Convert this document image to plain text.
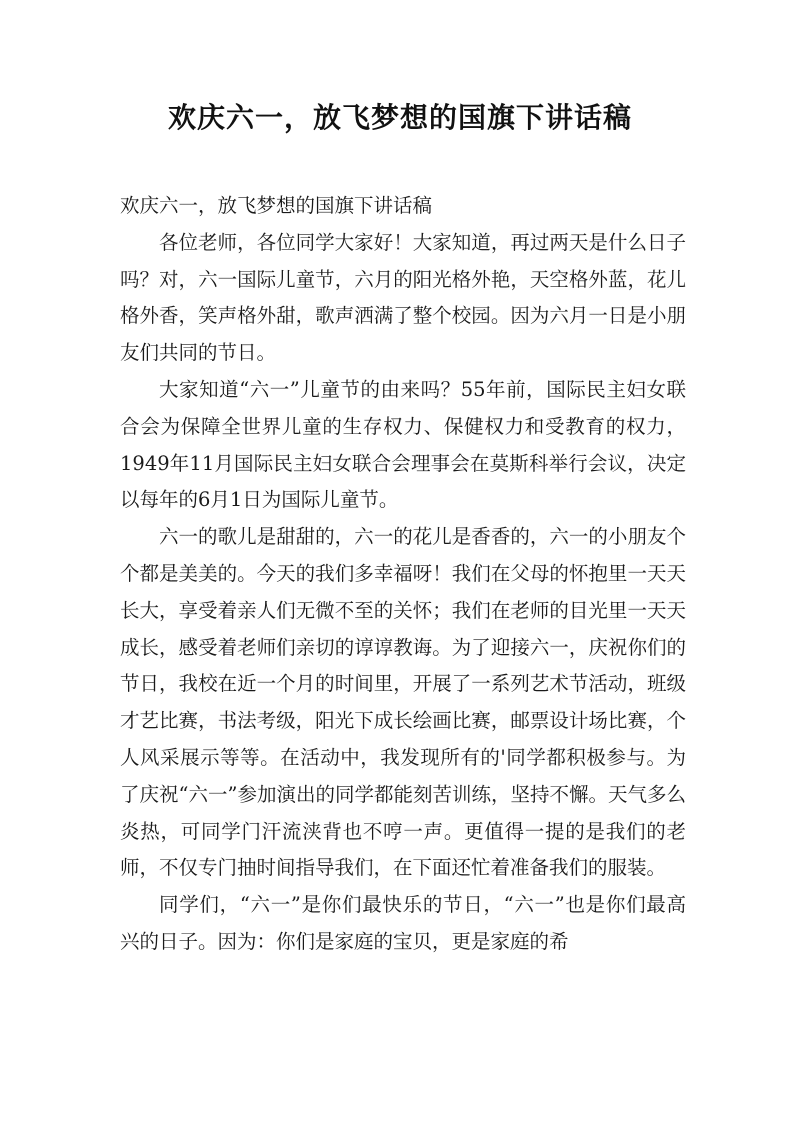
欢庆六一，放飞梦想的国旗下讲话稿

欢庆六一，放飞梦想的国旗下讲话稿

各位老师，各位同学大家好！大家知道，再过两天是什么日子吗？对，六一国际儿童节，六月的阳光格外艳，天空格外蓝，花儿格外香，笑声格外甜，歌声洒满了整个校园。因为六月一日是小朋友们共同的节日。

大家知道“六一”儿童节的由来吗？55年前，国际民主妇女联合会为保障全世界儿童的生存权力、保健权力和受教育的权力，1949年11月国际民主妇女联合会理事会在莫斯科举行会议，决定以每年的6月1日为国际儿童节。

六一的歌儿是甜甜的，六一的花儿是香香的，六一的小朋友个个都是美美的。今天的我们多幸福呀！我们在父母的怀抱里一天天长大，享受着亲人们无微不至的关怀；我们在老师的目光里一天天成长，感受着老师们亲切的谆谆教诲。为了迎接六一，庆祝你们的节日，我校在近一个月的时间里，开展了一系列艺术节活动，班级才艺比赛，书法考级，阳光下成长绘画比赛，邮票设计场比赛，个人风采展示等等。在活动中，我发现所有的'同学都积极参与。为了庆祝“六一”参加演出的同学都能刻苦训练，坚持不懈。天气多么炎热，可同学门汗流浃背也不哼一声。更值得一提的是我们的老师，不仅专门抽时间指导我们，在下面还忙着准备我们的服装。

同学们，“六一”是你们最快乐的节日，“六一”也是你们最高兴的日子。因为：你们是家庭的宝贝，更是家庭的希
